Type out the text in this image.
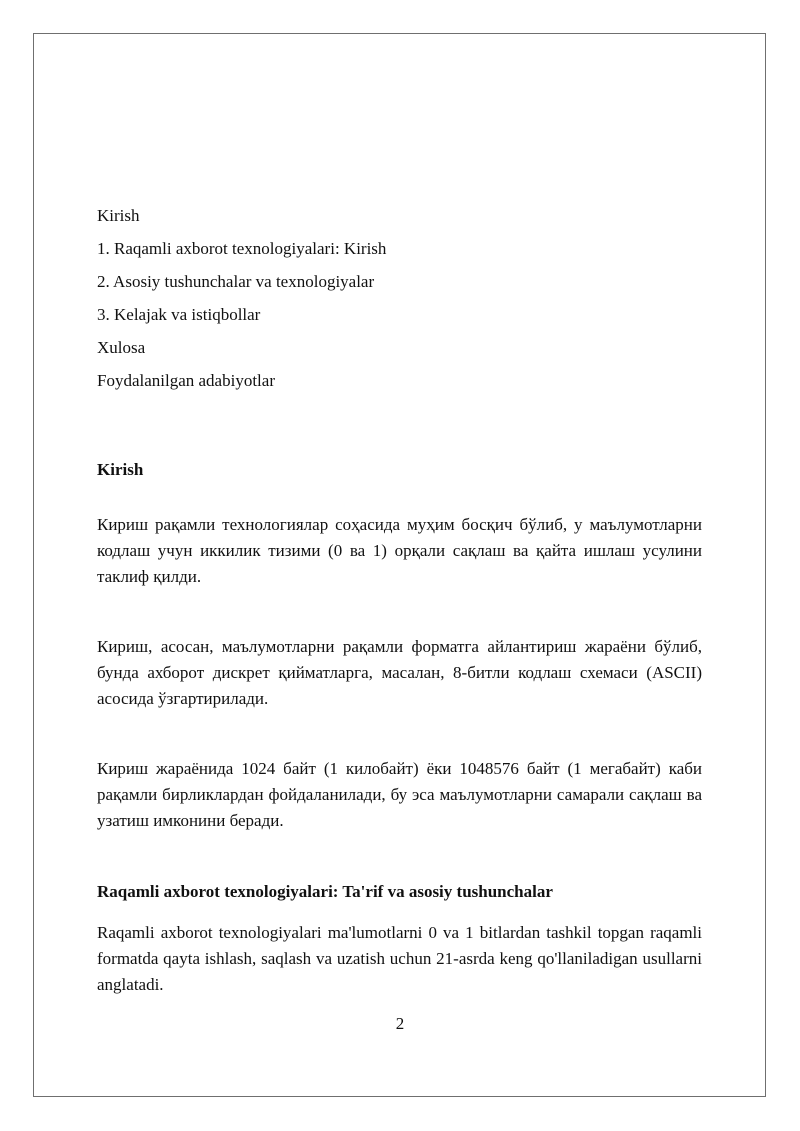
Kirish
1. Raqamli axborot texnologiyalari: Kirish
2. Asosiy tushunchalar va texnologiyalar
3. Kelajak va istiqbollar
Xulosa
Foydalanilgan adabiyotlar
Kirish
Кириш рақамли технологиялар соҳасида муҳим босқич бўлиб, у маълумотларни кодлаш учун иккилик тизими (0 ва 1) орқали сақлаш ва қайта ишлаш усулини таклиф қилди.
Кириш, асосан, маълумотларни рақамли форматга айлантириш жараёни бўлиб, бунда ахборот дискрет қийматларга, масалан, 8-битли кодлаш схемаси (ASCII) асосида ўзгартирилади.
Кириш жараёнида 1024 байт (1 килобайт) ёки 1048576 байт (1 мегабайт) каби рақамли бирликлардан фойдаланилади, бу эса маълумотларни самарали сақлаш ва узатиш имконини беради.
Raqamli axborot texnologiyalari: Ta'rif va asosiy tushunchalar
Raqamli axborot texnologiyalari ma'lumotlarni 0 va 1 bitlardan tashkil topgan raqamli formatda qayta ishlash, saqlash va uzatish uchun 21-asrda keng qo'llaniladigan usullarni anglatadi.
2
